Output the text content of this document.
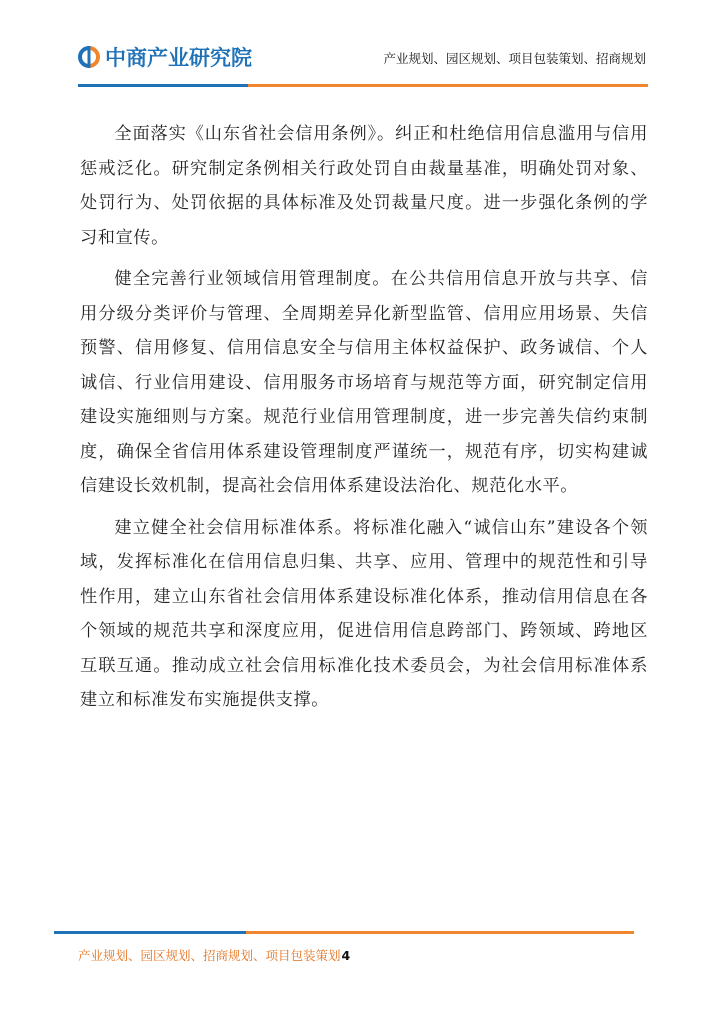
中商产业研究院	产业规划、园区规划、项目包装策划、招商规划

全面落实《山东省社会信用条例》。纠正和杜绝信用信息滥用与信用惩戒泛化。研究制定条例相关行政处罚自由裁量基准，明确处罚对象、处罚行为、处罚依据的具体标准及处罚裁量尺度。进一步强化条例的学习和宣传。

健全完善行业领域信用管理制度。在公共信用信息开放与共享、信用分级分类评价与管理、全周期差异化新型监管、信用应用场景、失信预警、信用修复、信用信息安全与信用主体权益保护、政务诚信、个人诚信、行业信用建设、信用服务市场培育与规范等方面，研究制定信用建设实施细则与方案。规范行业信用管理制度，进一步完善失信约束制度，确保全省信用体系建设管理制度严谨统一，规范有序，切实构建诚信建设长效机制，提高社会信用体系建设法治化、规范化水平。

建立健全社会信用标准体系。将标准化融入“诚信山东”建设各个领域，发挥标准化在信用信息归集、共享、应用、管理中的规范性和引导性作用，建立山东省社会信用体系建设标准化体系，推动信用信息在各个领域的规范共享和深度应用，促进信用信息跨部门、跨领域、跨地区互联互通。推动成立社会信用标准化技术委员会，为社会信用标准体系建立和标准发布实施提供支撑。

产业规划、园区规划、招商规划、项目包装策划4
